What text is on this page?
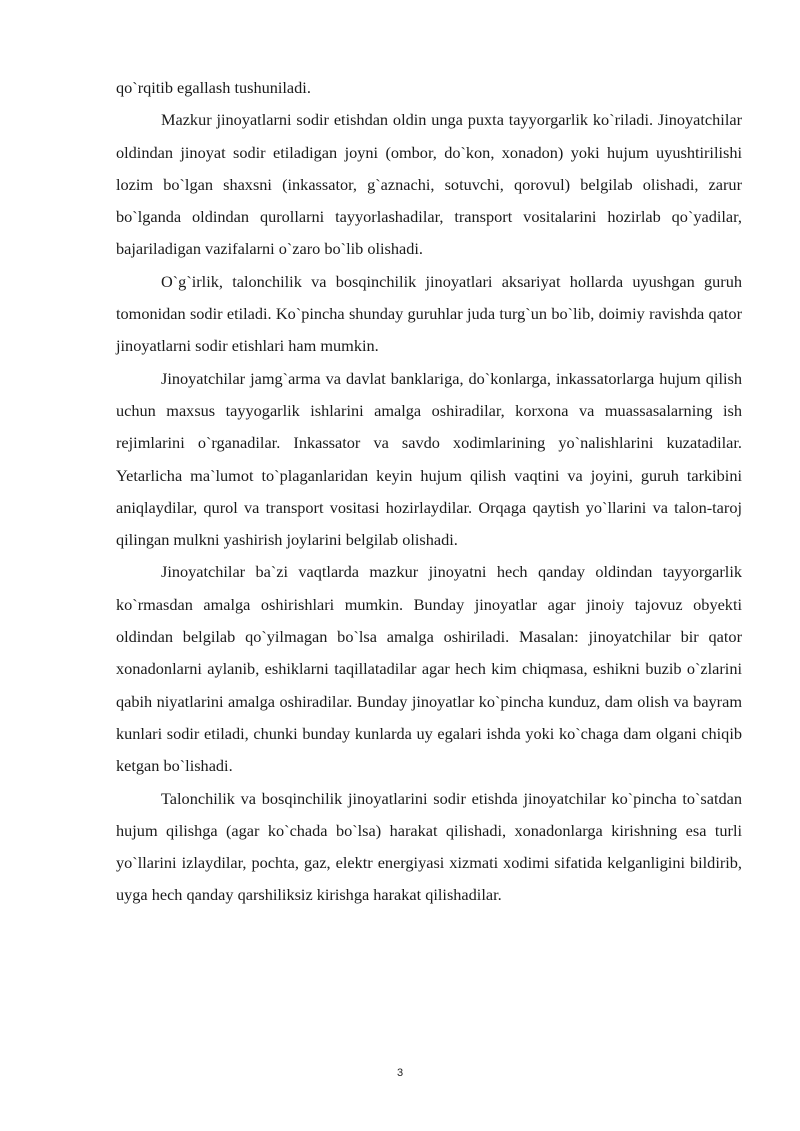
qo`rqitib egallash tushuniladi.

Mazkur jinoyatlarni sodir etishdan oldin unga puxta tayyorgarlik ko`riladi. Jinoyatchilar oldindan jinoyat sodir etiladigan joyni (ombor, do`kon, xonadon) yoki hujum uyushtirilishi lozim bo`lgan shaxsni (inkassator, g`aznachi, sotuvchi, qorovul) belgilab olishadi, zarur bo`lganda oldindan qurollarni tayyorlashadilar, transport vositalarini hozirlab qo`yadilar, bajariladigan vazifalarni o`zaro bo`lib olishadi.

O`g`irlik, talonchilik va bosqinchilik jinoyatlari aksariyat hollarda uyushgan guruh tomonidan sodir etiladi. Ko`pincha shunday guruhlar juda turg`un bo`lib, doimiy ravishda qator jinoyatlarni sodir etishlari ham mumkin.

Jinoyatchilar jamg`arma va davlat banklariga, do`konlarga, inkassatorlarga hujum qilish uchun maxsus tayyogarlik ishlarini amalga oshiradilar, korxona va muassasalarning ish rejimlarini o`rganadilar. Inkassator va savdo xodimlarining yo`nalishlarini kuzatadilar. Yetarlicha ma`lumot to`plaganlaridan keyin hujum qilish vaqtini va joyini, guruh tarkibini aniqlaydilar, qurol va transport vositasi hozirlaydilar. Orqaga qaytish yo`llarini va talon-taroj qilingan mulkni yashirish joylarini belgilab olishadi.

Jinoyatchilar ba`zi vaqtlarda mazkur jinoyatni hech qanday oldindan tayyorgarlik ko`rmasdan amalga oshirishlari mumkin. Bunday jinoyatlar agar jinoiy tajovuz obyekti oldindan belgilab qo`yilmagan bo`lsa amalga oshiriladi. Masalan: jinoyatchilar bir qator xonadonlarni aylanib, eshiklarni taqillatadilar agar hech kim chiqmasa, eshikni buzib o`zlarini qabih niyatlarini amalga oshiradilar. Bunday jinoyatlar ko`pincha kunduz, dam olish va bayram kunlari sodir etiladi, chunki bunday kunlarda uy egalari ishda yoki ko`chaga dam olgani chiqib ketgan bo`lishadi.

Talonchilik va bosqinchilik jinoyatlarini sodir etishda jinoyatchilar ko`pincha to`satdan hujum qilishga (agar ko`chada bo`lsa) harakat qilishadi, xonadonlarga kirishning esa turli yo`llarini izlaydilar, pochta, gaz, elektr energiyasi xizmati xodimi sifatida kelganligini bildirib, uyga hech qanday qarshiliksiz kirishga harakat qilishadilar.

3
